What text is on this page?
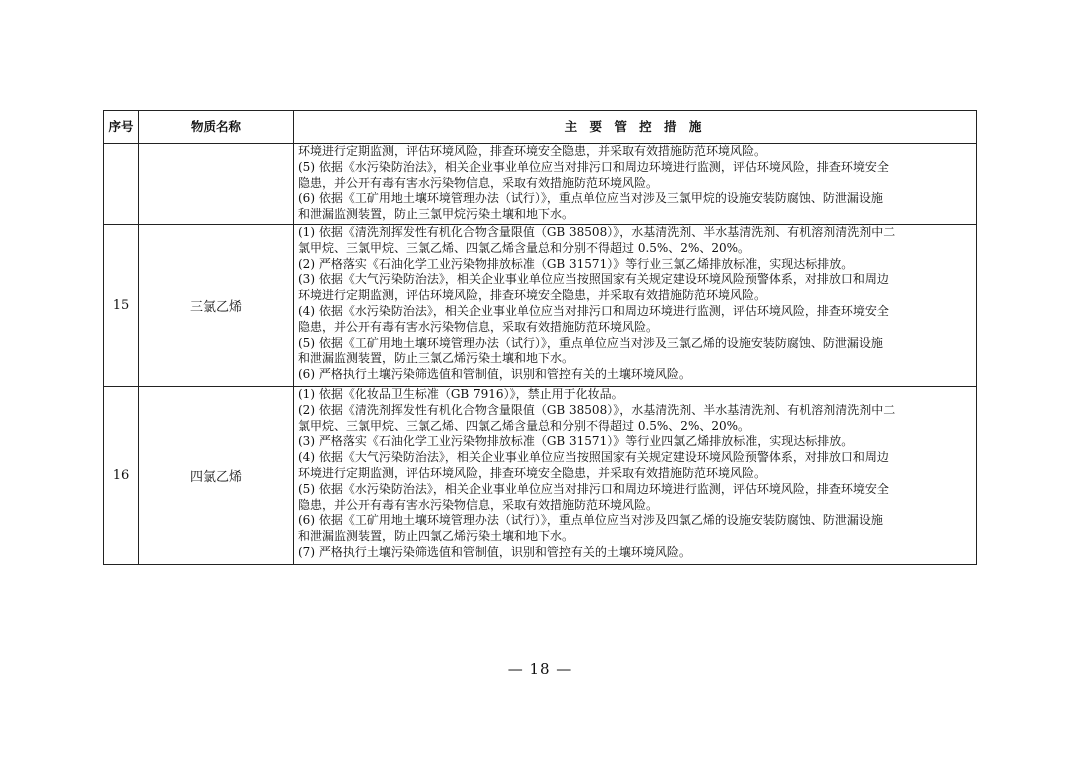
序号	物质名称	主 要 管 控 措 施
环境进行定期监测，评估环境风险，排查环境安全隐患，并采取有效措施防范环境风险。
(5) 依据《水污染防治法》，相关企业事业单位应当对排污口和周边环境进行监测，评估环境风险，排查环境安全
隐患，并公开有毒有害水污染物信息，采取有效措施防范环境风险。
(6) 依据《工矿用地土壤环境管理办法（试行）》，重点单位应当对涉及三氯甲烷的设施安装防腐蚀、防泄漏设施
和泄漏监测装置，防止三氯甲烷污染土壤和地下水。
15	三氯乙烯
(1) 依据《清洗剂挥发性有机化合物含量限值（GB 38508）》，水基清洗剂、半水基清洗剂、有机溶剂清洗剂中二
氯甲烷、三氯甲烷、三氯乙烯、四氯乙烯含量总和分别不得超过 0.5%、2%、20%。
(2) 严格落实《石油化学工业污染物排放标准（GB 31571）》等行业三氯乙烯排放标准，实现达标排放。
(3) 依据《大气污染防治法》，相关企业事业单位应当按照国家有关规定建设环境风险预警体系，对排放口和周边
环境进行定期监测，评估环境风险，排查环境安全隐患，并采取有效措施防范环境风险。
(4) 依据《水污染防治法》，相关企业事业单位应当对排污口和周边环境进行监测，评估环境风险，排查环境安全
隐患，并公开有毒有害水污染物信息，采取有效措施防范环境风险。
(5) 依据《工矿用地土壤环境管理办法（试行）》，重点单位应当对涉及三氯乙烯的设施安装防腐蚀、防泄漏设施
和泄漏监测装置，防止三氯乙烯污染土壤和地下水。
(6) 严格执行土壤污染筛选值和管制值，识别和管控有关的土壤环境风险。
16	四氯乙烯
(1) 依据《化妆品卫生标准（GB 7916）》，禁止用于化妆品。
(2) 依据《清洗剂挥发性有机化合物含量限值（GB 38508）》，水基清洗剂、半水基清洗剂、有机溶剂清洗剂中二
氯甲烷、三氯甲烷、三氯乙烯、四氯乙烯含量总和分别不得超过 0.5%、2%、20%。
(3) 严格落实《石油化学工业污染物排放标准（GB 31571）》等行业四氯乙烯排放标准，实现达标排放。
(4) 依据《大气污染防治法》，相关企业事业单位应当按照国家有关规定建设环境风险预警体系，对排放口和周边
环境进行定期监测，评估环境风险，排查环境安全隐患，并采取有效措施防范环境风险。
(5) 依据《水污染防治法》，相关企业事业单位应当对排污口和周边环境进行监测，评估环境风险，排查环境安全
隐患，并公开有毒有害水污染物信息，采取有效措施防范环境风险。
(6) 依据《工矿用地土壤环境管理办法（试行）》，重点单位应当对涉及四氯乙烯的设施安装防腐蚀、防泄漏设施
和泄漏监测装置，防止四氯乙烯污染土壤和地下水。
(7) 严格执行土壤污染筛选值和管制值，识别和管控有关的土壤环境风险。
— 18 —
